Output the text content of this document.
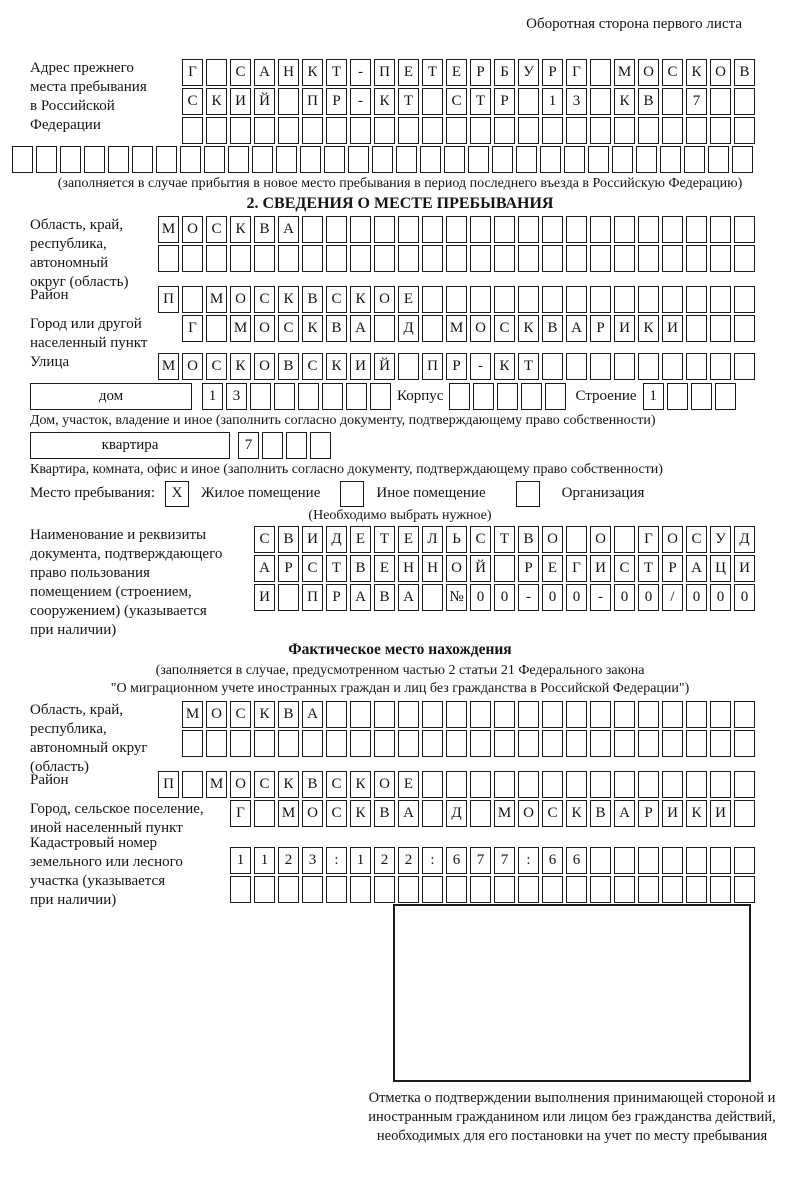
Оборотная сторона первого листа
Адрес прежнего
места пребывания
в Российской
Федерации
Г	С А Н К Т	-	П Е Т Е	Р	Б У Р	Г	М О С К О В
С К И Й	П Р	-	К Т	С Т	Р	1	3	К В	7
(заполняется в случае прибытия в новое место пребывания в период последнего въезда в Российскую Федерацию)
2. СВЕДЕНИЯ О МЕСТЕ ПРЕБЫВАНИЯ
Область, край,
республика,
автономный
округ (область)
М О С К В А
Район	П	М О С К В С К О Е
Город или другой
населенный пункт
Г	М О С К В А	Д	М О С К В А Р И К И
Улица	М О С К О В С К И Й	П Р	-	К Т
дом	1	3	Корпус	Строение 1
Дом, участок, владение и иное (заполнить согласно документу, подтверждающему право собственности)
квартира	7
Квартира, комната, офис и иное (заполнить согласно документу, подтверждающему право собственности)
Место пребывания:	X	Жилое помещение	Иное помещение	Организация
(Необходимо выбрать нужное)
Наименование и реквизиты
документа, подтверждающего
право пользования
помещением (строением,
сооружением) (указывается
при наличии)
С В И Д Е Т Е Л Ь С Т В О	О	Г О С У Д
А Р С Т В Е Н Н О Й	Р	Е	Г И С Т	Р А Ц И
И	П Р А В А	№ 0	0	-	0	0	-	0	0	/	0	0	0
Фактическое место нахождения
(заполняется в случае, предусмотренном частью 2 статьи 21 Федерального закона
"О миграционном учете иностранных граждан и лиц без гражданства в Российской Федерации")
Область, край,
республика,
автономный округ
(область)
М О С К В А
Район	П	М О С К В С К О Е
Город, сельское поселение,
иной населенный пункт
Г	М О С К В А	Д	М О С К В А Р И К И
Кадастровый номер
земельного или лесного
участка (указывается
при наличии)
1	1	2	3	:	1	2	2	:	6	7	7	:	6	6
Отметка о подтверждении выполнения принимающей стороной и иностранным гражданином или лицом без гражданства действий, необходимых для его постановки на учет по месту пребывания
